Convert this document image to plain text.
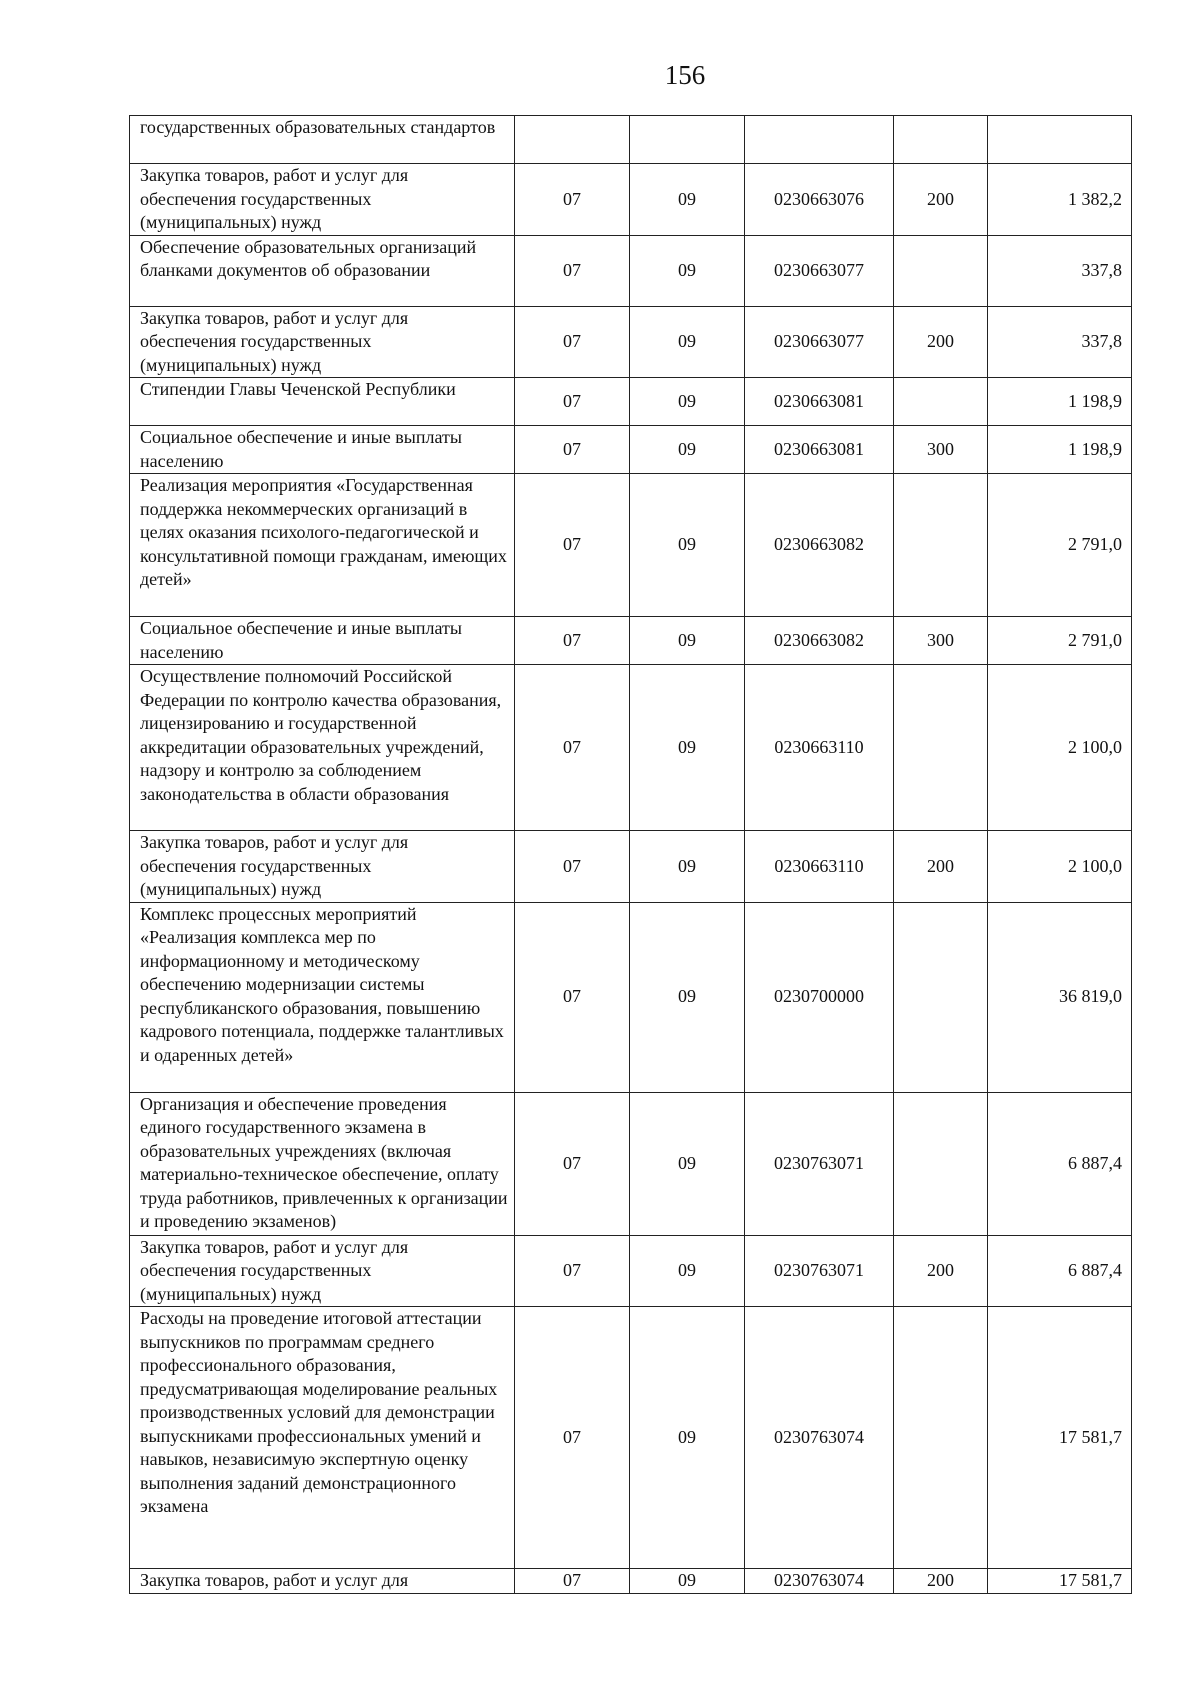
156
государственных образовательных стандартов					
Закупка товаров, работ и услуг для обеспечения государственных (муниципальных) нужд	07	09	0230663076	200	1 382,2
Обеспечение образовательных организаций бланками документов об образовании	07	09	0230663077		337,8
Закупка товаров, работ и услуг для обеспечения государственных (муниципальных) нужд	07	09	0230663077	200	337,8
Стипендии Главы Чеченской Республики	07	09	0230663081		1 198,9
Социальное обеспечение и иные выплаты населению	07	09	0230663081	300	1 198,9
Реализация мероприятия «Государственная поддержка некоммерческих организаций в целях оказания психолого-педагогической и консультативной помощи гражданам, имеющих детей»	07	09	0230663082		2 791,0
Социальное обеспечение и иные выплаты населению	07	09	0230663082	300	2 791,0
Осуществление полномочий Российской Федерации по контролю качества образования, лицензированию и государственной аккредитации образовательных учреждений, надзору и контролю за соблюдением законодательства в области образования	07	09	0230663110		2 100,0
Закупка товаров, работ и услуг для обеспечения государственных (муниципальных) нужд	07	09	0230663110	200	2 100,0
Комплекс процессных мероприятий «Реализация комплекса мер по информационному и методическому обеспечению модернизации системы республиканского образования, повышению кадрового потенциала, поддержке талантливых и одаренных детей»	07	09	0230700000		36 819,0
Организация и обеспечение проведения единого государственного экзамена в образовательных учреждениях (включая материально-техническое обеспечение, оплату труда работников, привлеченных к организации и проведению экзаменов)	07	09	0230763071		6 887,4
Закупка товаров, работ и услуг для обеспечения государственных (муниципальных) нужд	07	09	0230763071	200	6 887,4
Расходы на проведение итоговой аттестации выпускников по программам среднего профессионального образования, предусматривающая моделирование реальных производственных условий для демонстрации выпускниками профессиональных умений и навыков, независимую экспертную оценку выполнения заданий демонстрационного экзамена	07	09	0230763074		17 581,7
Закупка товаров, работ и услуг для	07	09	0230763074	200	17 581,7
